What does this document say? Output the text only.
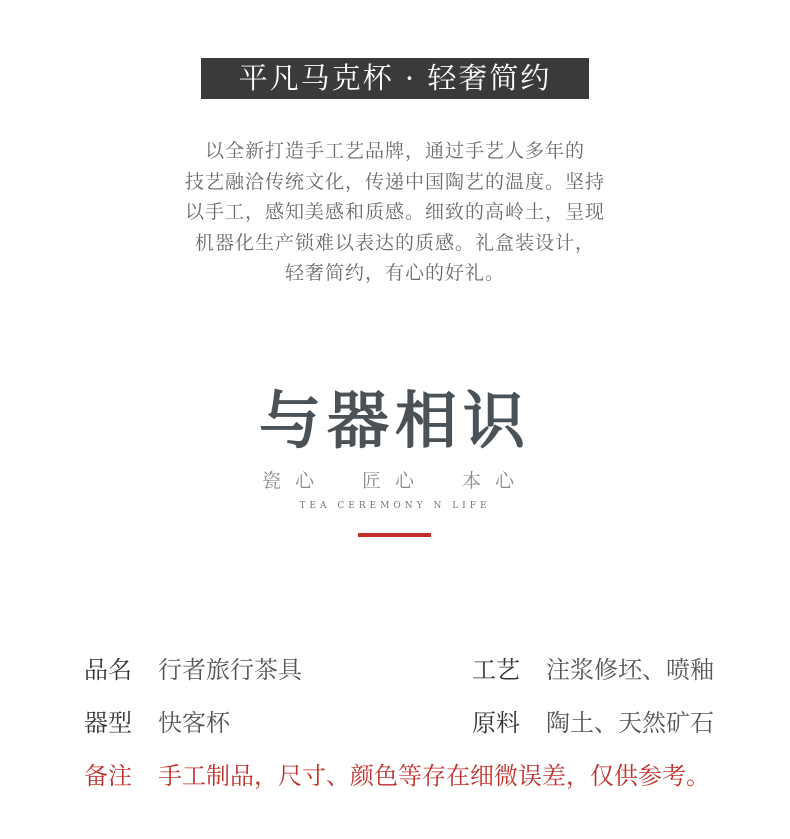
平凡马克杯 · 轻奢简约
以全新打造手工艺品牌，通过手艺人多年的
技艺融洽传统文化，传递中国陶艺的温度。坚持
以手工，感知美感和质感。细致的高岭土，呈现
机器化生产锁难以表达的质感。礼盒装设计，
轻奢简约，有心的好礼。
与器相识
瓷心 匠心 本心
TEA CEREMONY N LIFE
品名 行者旅行茶具	工艺 注浆修坯、喷釉
器型 快客杯	原料 陶土、天然矿石
备注 手工制品，尺寸、颜色等存在细微误差，仅供参考。
